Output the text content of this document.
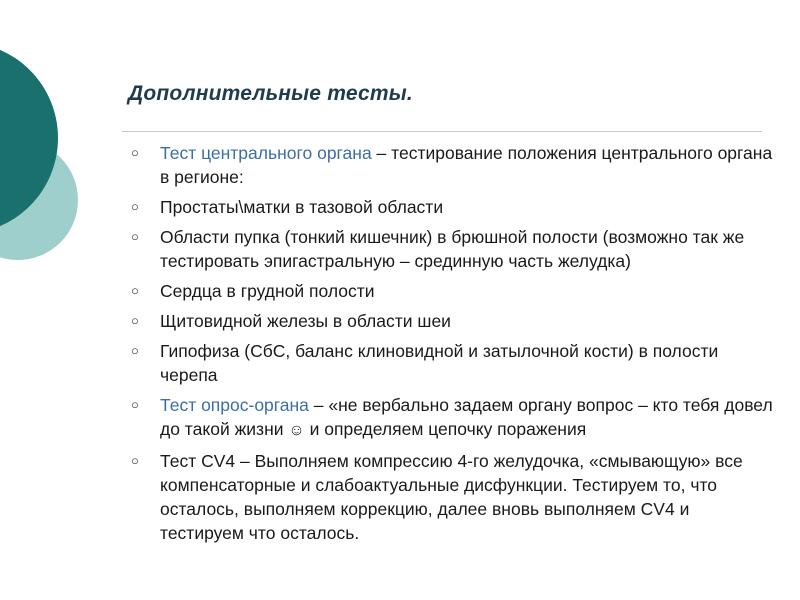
Дополнительные тесты.
○ Тест центрального органа – тестирование положения центрального органа в регионе:
○ Простаты\матки в тазовой области
○ Области пупка (тонкий кишечник) в брюшной полости (возможно так же тестировать эпигастральную – срединную часть желудка)
○ Сердца в грудной полости
○ Щитовидной железы в области шеи
○ Гипофиза (СбС, баланс клиновидной и затылочной кости) в полости черепа
○ Тест опрос-органа – «не вербально задаем органу вопрос – кто тебя довел до такой жизни ☺ и определяем цепочку поражения
○ Тест CV4 – Выполняем компрессию 4-го желудочка, «смывающую» все компенсаторные и слабоактуальные дисфункции. Тестируем то, что осталось, выполняем коррекцию, далее вновь выполняем CV4 и тестируем что осталось.
